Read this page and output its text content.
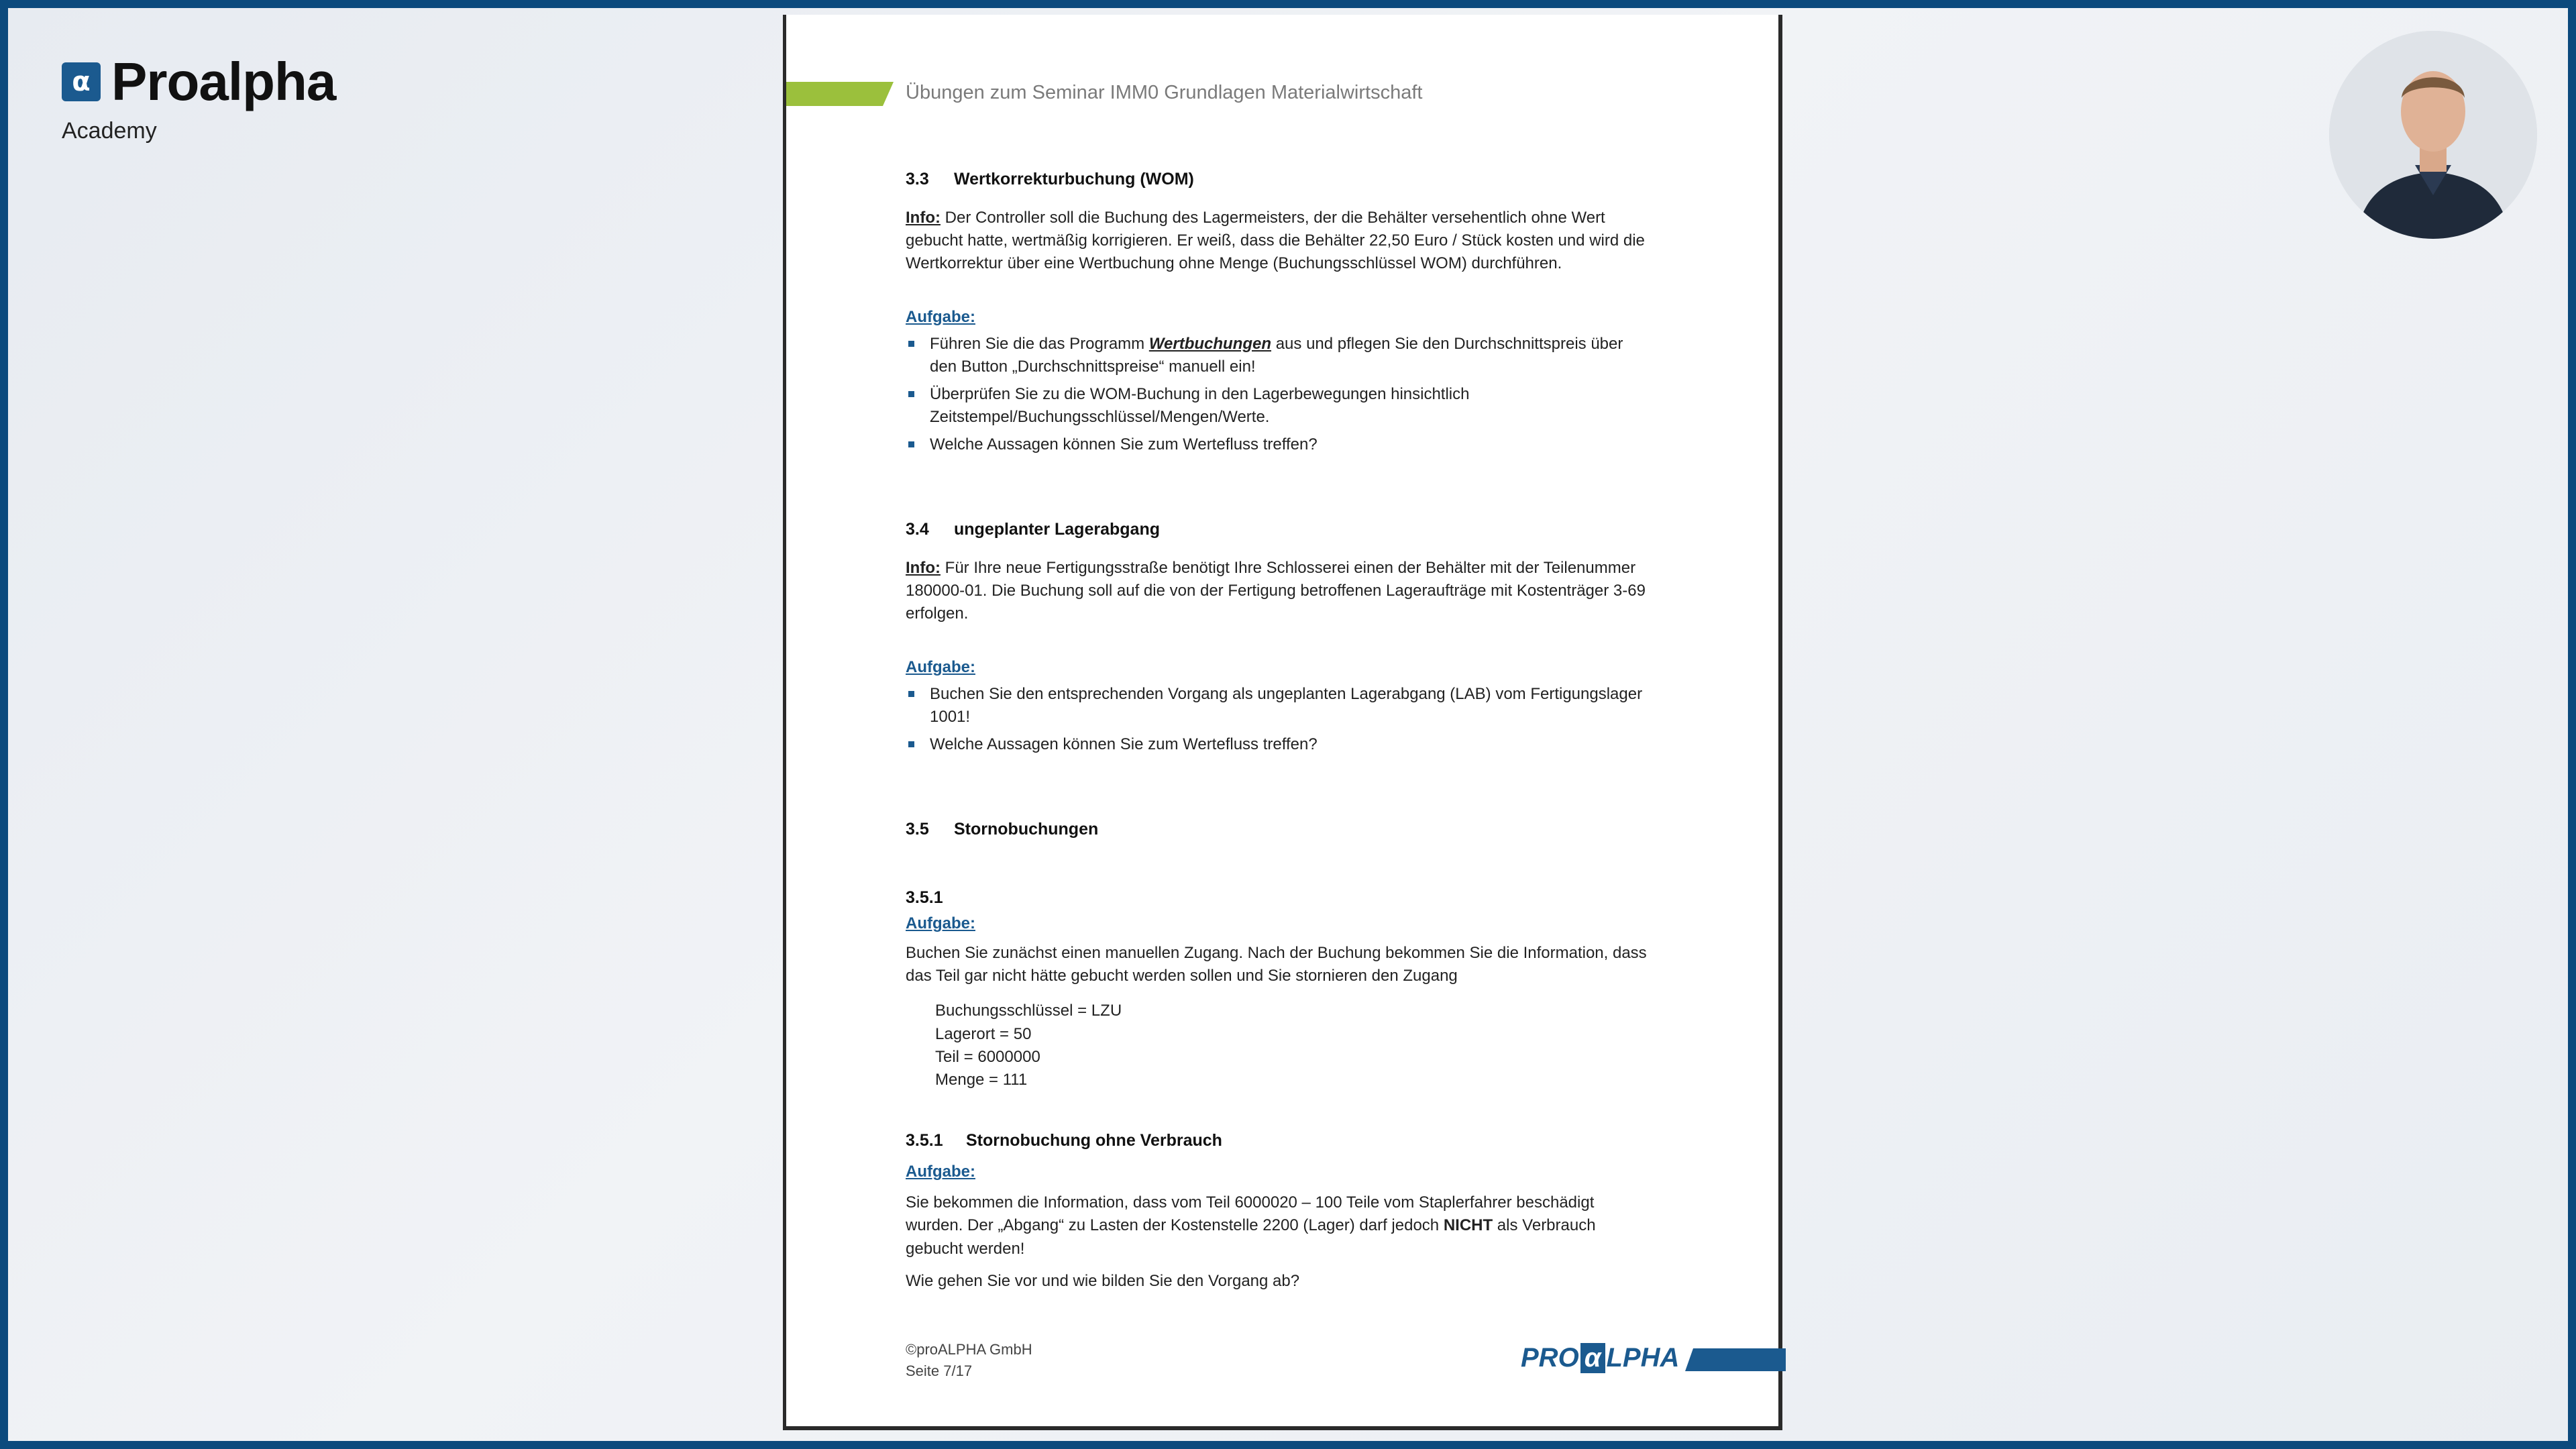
α Proalpha
Academy
Übungen zum Seminar IMM0 Grundlagen Materialwirtschaft
3.3 Wertkorrekturbuchung (WOM)

Info: Der Controller soll die Buchung des Lagermeisters, der die Behälter versehentlich ohne Wert gebucht hatte, wertmäßig korrigieren. Er weiß, dass die Behälter 22,50 Euro / Stück kosten und wird die Wertkorrektur über eine Wertbuchung ohne Menge (Buchungsschlüssel WOM) durchführen.

Aufgabe:

Führen Sie die das Programm Wertbuchungen aus und pflegen Sie den Durchschnittspreis über den Button „Durchschnittspreise“ manuell ein!
Überprüfen Sie zu die WOM-Buchung in den Lagerbewegungen hinsichtlich Zeitstempel/Buchungsschlüssel/Mengen/Werte.
Welche Aussagen können Sie zum Wertefluss treffen?
3.4 ungeplanter Lagerabgang

Info: Für Ihre neue Fertigungsstraße benötigt Ihre Schlosserei einen der Behälter mit der Teilenummer 180000-01. Die Buchung soll auf die von der Fertigung betroffenen Lageraufträge mit Kostenträger 3-69 erfolgen.

Aufgabe:

Buchen Sie den entsprechenden Vorgang als ungeplanten Lagerabgang (LAB) vom Fertigungslager 1001!
Welche Aussagen können Sie zum Wertefluss treffen?
3.5 Stornobuchungen
3.5.1

Aufgabe:

Buchen Sie zunächst einen manuellen Zugang. Nach der Buchung bekommen Sie die Information, dass das Teil gar nicht hätte gebucht werden sollen und Sie stornieren den Zugang

Buchungsschlüssel = LZU
Lagerort = 50
Teil = 6000000
Menge = 111
3.5.1 Stornobuchung ohne Verbrauch

Aufgabe:

Sie bekommen die Information, dass vom Teil 6000020 – 100 Teile vom Staplerfahrer beschädigt wurden. Der „Abgang“ zu Lasten der Kostenstelle 2200 (Lager) darf jedoch NICHT als Verbrauch gebucht werden!

Wie gehen Sie vor und wie bilden Sie den Vorgang ab?

©proALPHA GmbH
Seite 7/17	PRO α LPHA
